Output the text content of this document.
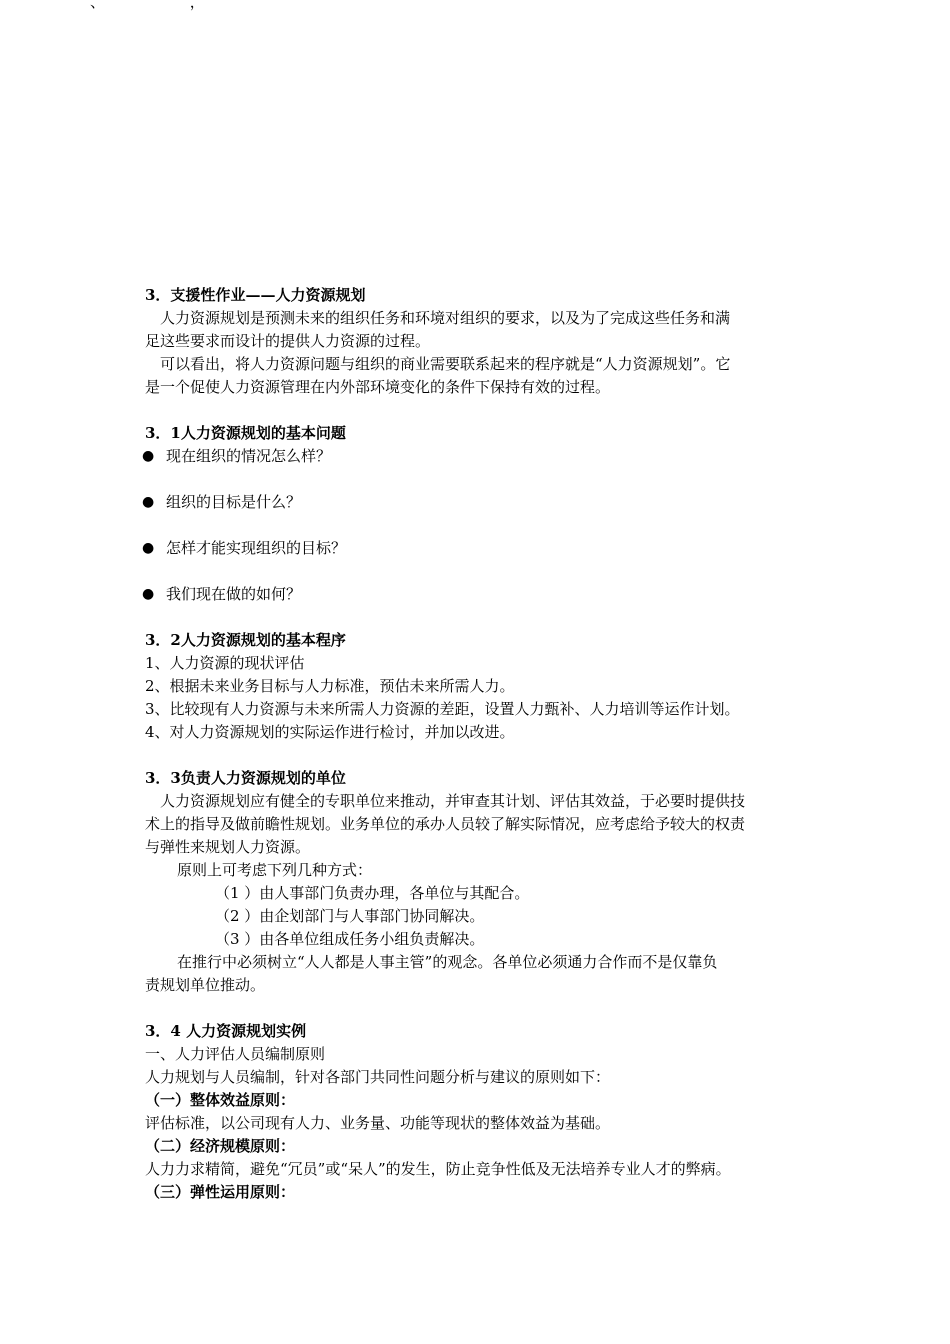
、 ，
3．支援性作业——人力资源规划
人力资源规划是预测未来的组织任务和环境对组织的要求，以及为了完成这些任务和满
足这些要求而设计的提供人力资源的过程。
可以看出，将人力资源问题与组织的商业需要联系起来的程序就是“人力资源规划”。它
是一个促使人力资源管理在内外部环境变化的条件下保持有效的过程。
3．1人力资源规划的基本问题
● 现在组织的情况怎么样？
● 组织的目标是什么？
● 怎样才能实现组织的目标？
● 我们现在做的如何？
3．2人力资源规划的基本程序
1、人力资源的现状评估
2、根据未来业务目标与人力标准，预估未来所需人力。
3、比较现有人力资源与未来所需人力资源的差距，设置人力甄补、人力培训等运作计划。
4、对人力资源规划的实际运作进行检讨，并加以改进。
3．3负责人力资源规划的单位
人力资源规划应有健全的专职单位来推动，并审查其计划、评估其效益，于必要时提供技
术上的指导及做前瞻性规划。业务单位的承办人员较了解实际情况，应考虑给予较大的权责
与弹性来规划人力资源。
原则上可考虑下列几种方式：
（1 ）由人事部门负责办理，各单位与其配合。
（2 ）由企划部门与人事部门协同解决。
（3 ）由各单位组成任务小组负责解决。
在推行中必须树立“人人都是人事主管”的观念。各单位必须通力合作而不是仅靠负
责规划单位推动。
3．4 人力资源规划实例
一、人力评估人员编制原则
人力规划与人员编制，针对各部门共同性问题分析与建议的原则如下：
（一）整体效益原则：
评估标准，以公司现有人力、业务量、功能等现状的整体效益为基础。
（二）经济规模原则：
人力力求精简，避免“冗员”或“呆人”的发生，防止竞争性低及无法培养专业人才的弊病。
（三）弹性运用原则：
